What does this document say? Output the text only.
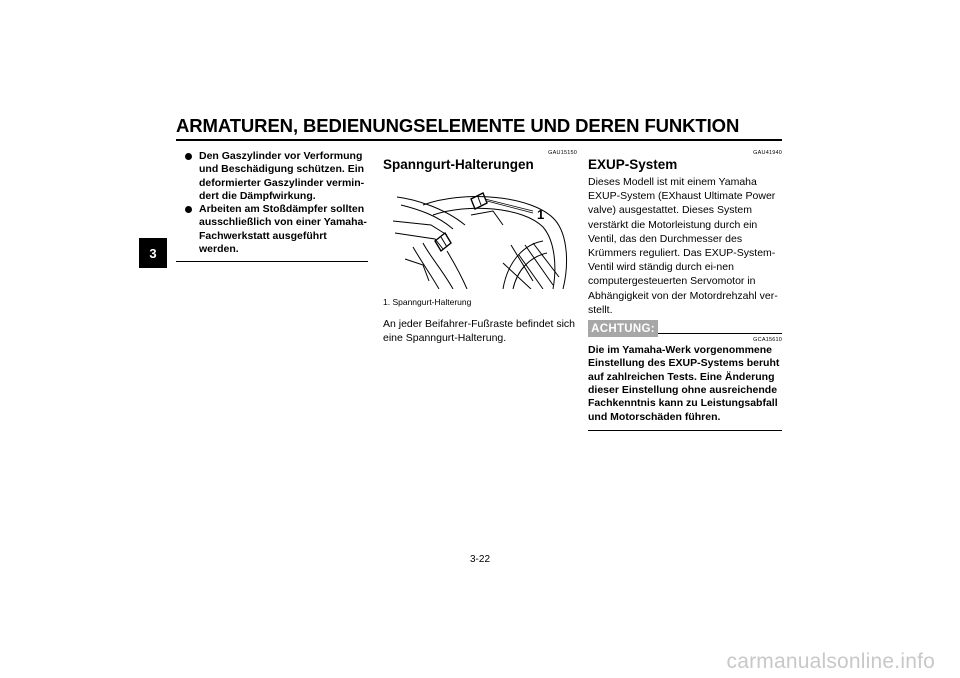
ARMATUREN, BEDIENUNGSELEMENTE UND DEREN FUNKTION
3
Den Gaszylinder vor Verformung und Beschädigung schützen. Ein deformierter Gaszylinder vermin-dert die Dämpfwirkung.
Arbeiten am Stoßdämpfer sollten ausschließlich von einer Yamaha-Fachwerkstatt ausgeführt werden.
GAU15150
Spanngurt-Halterungen
1
1. Spanngurt-Halterung
An jeder Beifahrer-Fußraste befindet sich eine Spanngurt-Halterung.
GAU41940
EXUP-System
Dieses Modell ist mit einem Yamaha EXUP-System (EXhaust Ultimate Power valve) ausgestattet. Dieses System verstärkt die Motorleistung durch ein Ventil, das den Durchmesser des Krümmers reguliert. Das EXUP-System-Ventil wird ständig durch ei-nen computergesteuerten Servomotor in Abhängigkeit von der Motordrehzahl ver-stellt.
ACHTUNG:
GCA15610
Die im Yamaha-Werk vorgenommene Einstellung des EXUP-Systems beruht auf zahlreichen Tests. Eine Änderung dieser Einstellung ohne ausreichende Fachkenntnis kann zu Leistungsabfall und Motorschäden führen.
3-22
carmanualsonline.info
